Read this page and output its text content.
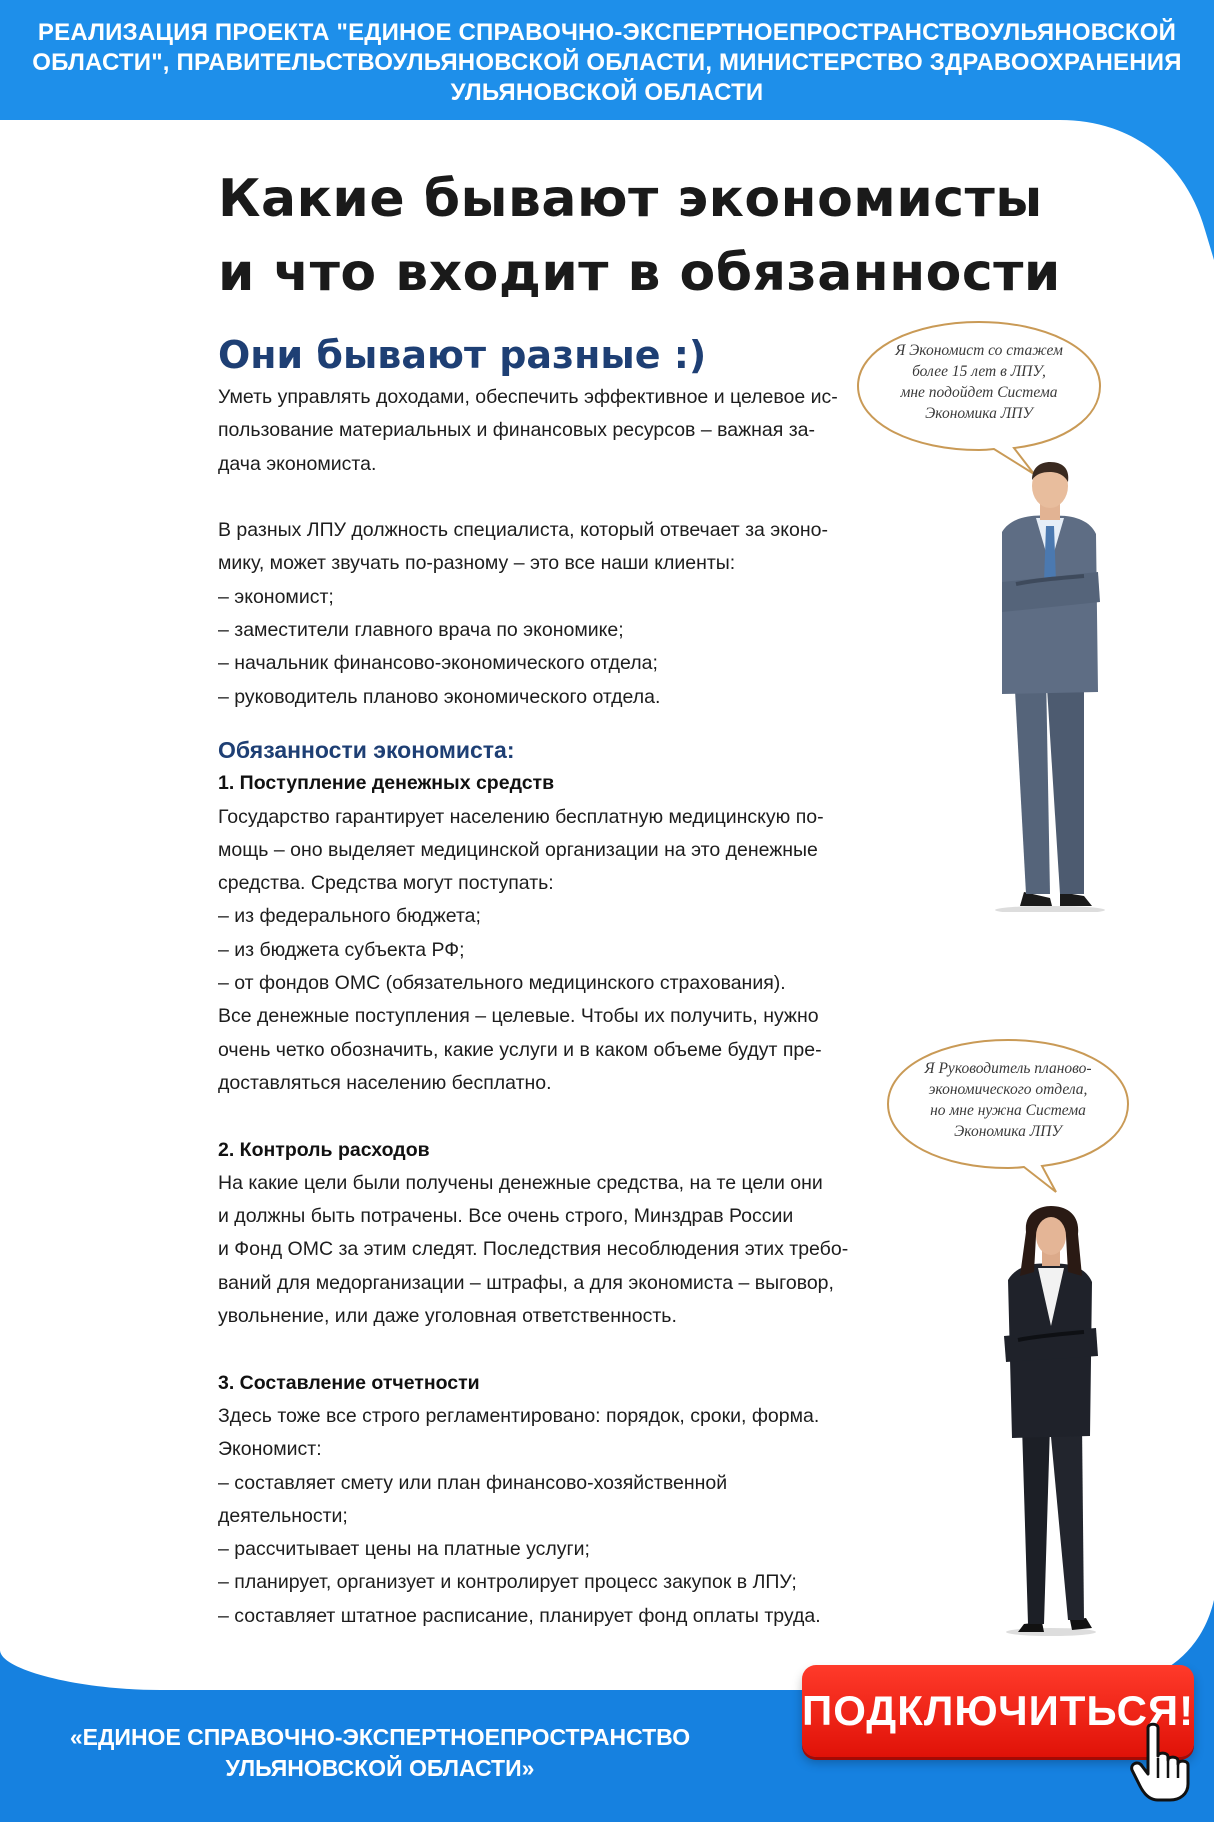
РЕАЛИЗАЦИЯ ПРОЕКТА "ЕДИНОЕ СПРАВОЧНО-ЭКСПЕРТНОЕПРОСТРАНСТВОУЛЬЯНОВСКОЙ
ОБЛАСТИ", ПРАВИТЕЛЬСТВОУЛЬЯНОВСКОЙ ОБЛАСТИ, МИНИСТЕРСТВО ЗДРАВООХРАНЕНИЯ
УЛЬЯНОВСКОЙ ОБЛАСТИ
Какие бывают экономисты
и что входит в обязанности
Они бывают разные :)

Уметь управлять доходами, обеспечить эффективное и целевое ис-

пользование материальных и финансовых ресурсов – важная за-

дача экономиста.

В разных ЛПУ должность специалиста, который отвечает за эконо-

мику, может звучать по-разному – это все наши клиенты:

– экономист;

– заместители главного врача по экономике;

– начальник финансово-экономического отдела;

– руководитель планово экономического отдела.

Обязанности экономиста:

1. Поступление денежных средств

Государство гарантирует населению бесплатную медицинскую по-

мощь – оно выделяет медицинской организации на это денежные

средства. Средства могут поступать:

– из федерального бюджета;

– из бюджета субъекта РФ;

– от фондов ОМС (обязательного медицинского страхования).

Все денежные поступления – целевые. Чтобы их получить, нужно

очень четко обозначить, какие услуги и в каком объеме будут пре-

доставляться населению бесплатно.

2. Контроль расходов

На какие цели были получены денежные средства, на те цели они

и должны быть потрачены. Все очень строго, Минздрав России

и Фонд ОМС за этим следят. Последствия несоблюдения этих требо-

ваний для медорганизации – штрафы, а для экономиста – выговор,

увольнение, или даже уголовная ответственность.

3. Составление отчетности

Здесь тоже все строго регламентировано: порядок, сроки, форма.

Экономист:

– составляет смету или план финансово-хозяйственной

деятельности;

– рассчитывает цены на платные услуги;

– планирует, организует и контролирует процесс закупок в ЛПУ;

– составляет штатное расписание, планирует фонд оплаты труда.

Я Экономист со стажем
более 15 лет в ЛПУ,
мне подойдет Система
Экономика ЛПУ
Я Руководитель планово-
экономического отдела,
но мне нужна Система
Экономика ЛПУ
«ЕДИНОЕ СПРАВОЧНО-ЭКСПЕРТНОЕПРОСТРАНСТВО
УЛЬЯНОВСКОЙ ОБЛАСТИ»
ПОДКЛЮЧИТЬСЯ!
